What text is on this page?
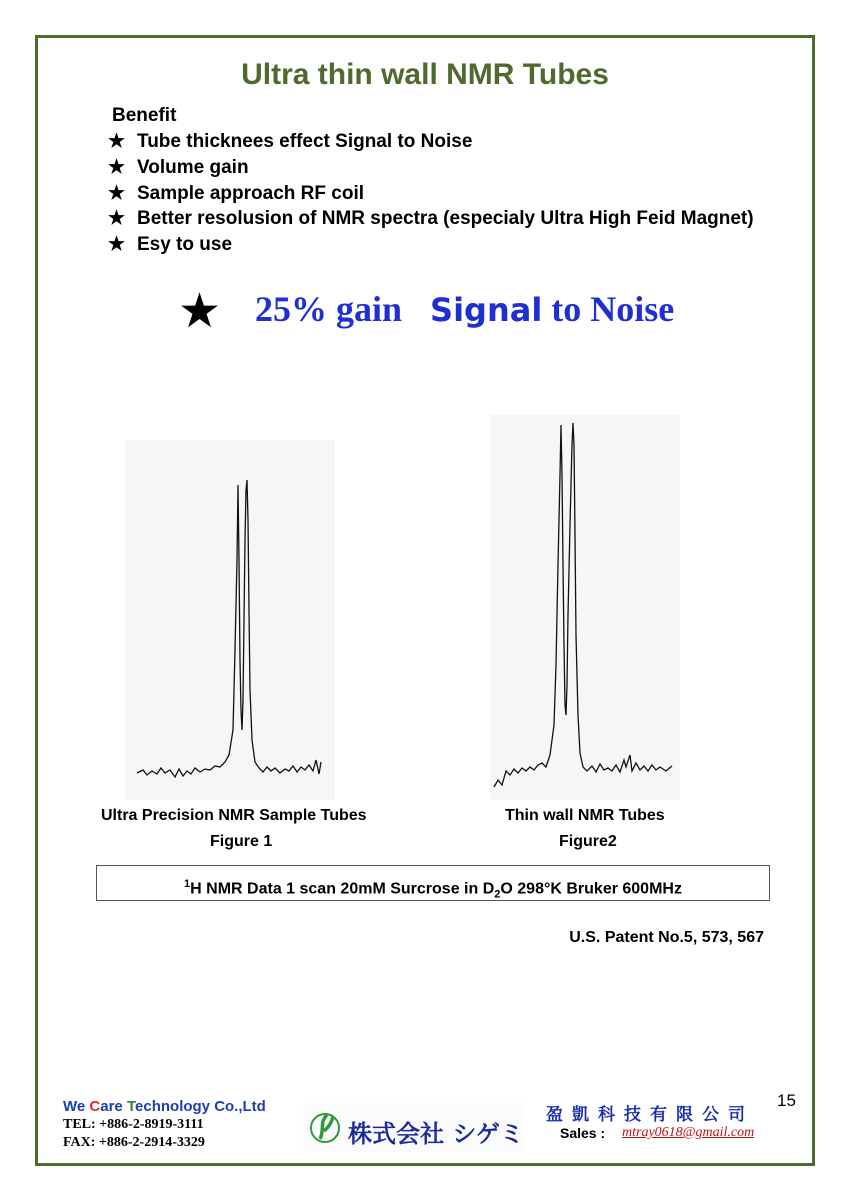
Ultra thin wall NMR Tubes
Benefit
★ Tube thicknees effect Signal to Noise
★ Volume gain
★ Sample approach RF coil
★ Better resolusion of NMR spectra (especialy Ultra High Feid Magnet)
★ Esy to use
★ 25% gain Signal to Noise
Ultra Precision NMR Sample Tubes
Figure 1
Thin wall NMR Tubes
Figure2
$^1$H NMR Data 1 scan 20mM Surcrose in $D_2O$ 298°K Bruker 600MHz
U.S. Patent No.5, 573, 567
We Care Technology Co.,Ltd
TEL: +886-2-8919-3111
FAX: +886-2-2914-3329	株式会社 シゲミ
盈凱科技有限公司
15
Sales : mtray0618@gmail.com
